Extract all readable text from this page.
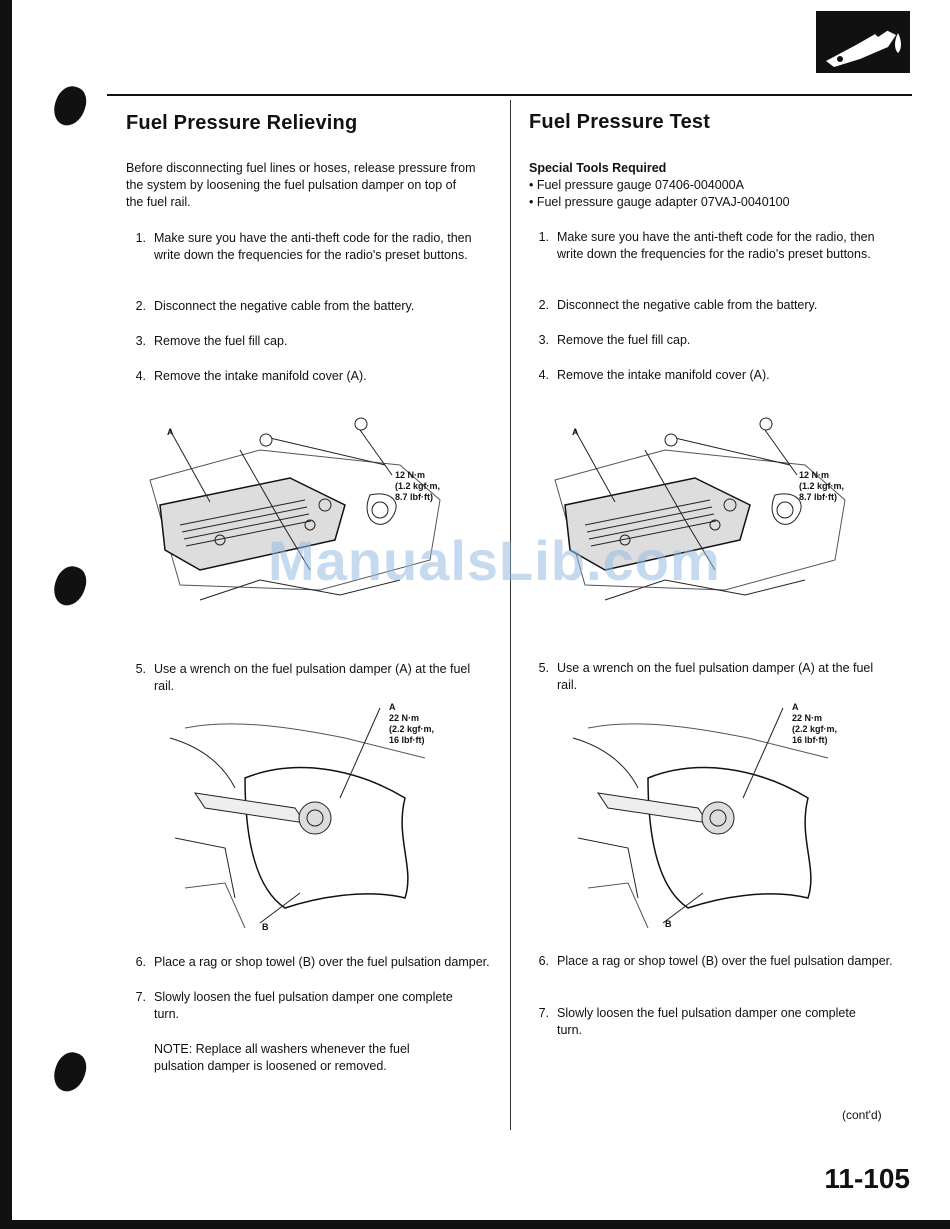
Fuel Pressure Relieving
Before disconnecting fuel lines or hoses, release pressure from the system by loosening the fuel pulsation damper on top of the fuel rail.
1. Make sure you have the anti-theft code for the radio, then write down the frequencies for the radio's preset buttons.
2. Disconnect the negative cable from the battery.
3. Remove the fuel fill cap.
4. Remove the intake manifold cover (A).
A
12 N·m
(1.2 kgf·m,
8.7 lbf·ft)
5. Use a wrench on the fuel pulsation damper (A) at the fuel rail.
A
22 N·m
(2.2 kgf·m,
16 lbf·ft)
B
6. Place a rag or shop towel (B) over the fuel pulsation damper.
7. Slowly loosen the fuel pulsation damper one complete turn.
NOTE: Replace all washers whenever the fuel pulsation damper is loosened or removed.
Fuel Pressure Test
Special Tools Required
• Fuel pressure gauge 07406-004000A
• Fuel pressure gauge adapter 07VAJ-0040100
1. Make sure you have the anti-theft code for the radio, then write down the frequencies for the radio's preset buttons.
2. Disconnect the negative cable from the battery.
3. Remove the fuel fill cap.
4. Remove the intake manifold cover (A).
A
12 N·m
(1.2 kgf·m,
8.7 lbf·ft)
5. Use a wrench on the fuel pulsation damper (A) at the fuel rail.
A
22 N·m
(2.2 kgf·m,
16 lbf·ft)
B
6. Place a rag or shop towel (B) over the fuel pulsation damper.
7. Slowly loosen the fuel pulsation damper one complete turn.
(cont'd)
ManualsLib.com
11-105
